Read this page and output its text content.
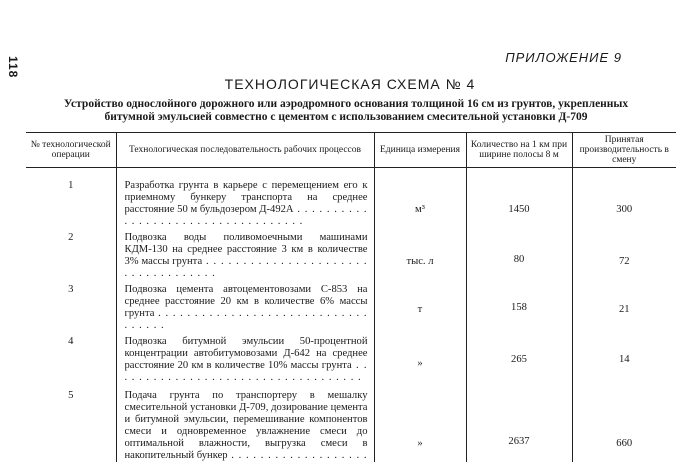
118	ПРИЛОЖЕНИЕ 9
ТЕХНОЛОГИЧЕСКАЯ СХЕМА № 4
Устройство однослойного дорожного или аэродромного основания толщиной 16 см из грунтов, укрепленных битумной эмульсией совместно с цементом с использованием смесительной установки Д-709
№ технологической операции	Технологическая последовательность рабочих процессов	Единица измерения	Количество на 1 км при ширине полосы 8 м	Принятая производительность в смену
1	Разработка грунта в карьере с перемещением его к приемному бункеру транспорта на среднее расстояние 50 м бульдозером Д-492А . . .	м³	1450	300
2	Подвозка воды поливомоечными машинами КДМ-130 на среднее расстояние 3 км в количестве 3% массы грунта . . .	тыс. л	80	72
3	Подвозка цемента автоцементовозами С-853 на среднее расстояние 20 км в количестве 6% массы грунта . . .	т	158	21
4	Подвозка битумной эмульсии 50-процентной концентрации автобитумовозами Д-642 на среднее расстояние 20 км в количестве 10% массы грунта . . .	»	265	14
5	Подача грунта по транспортеру в мешалку смесительной установки Д-709, дозирование цемента и битумной эмульсии, перемешивание компонентов смеси и одновременное увлажнение смеси до оптимальной влажности, выгрузка смеси в накопительный бункер . . .	»	2637	660
